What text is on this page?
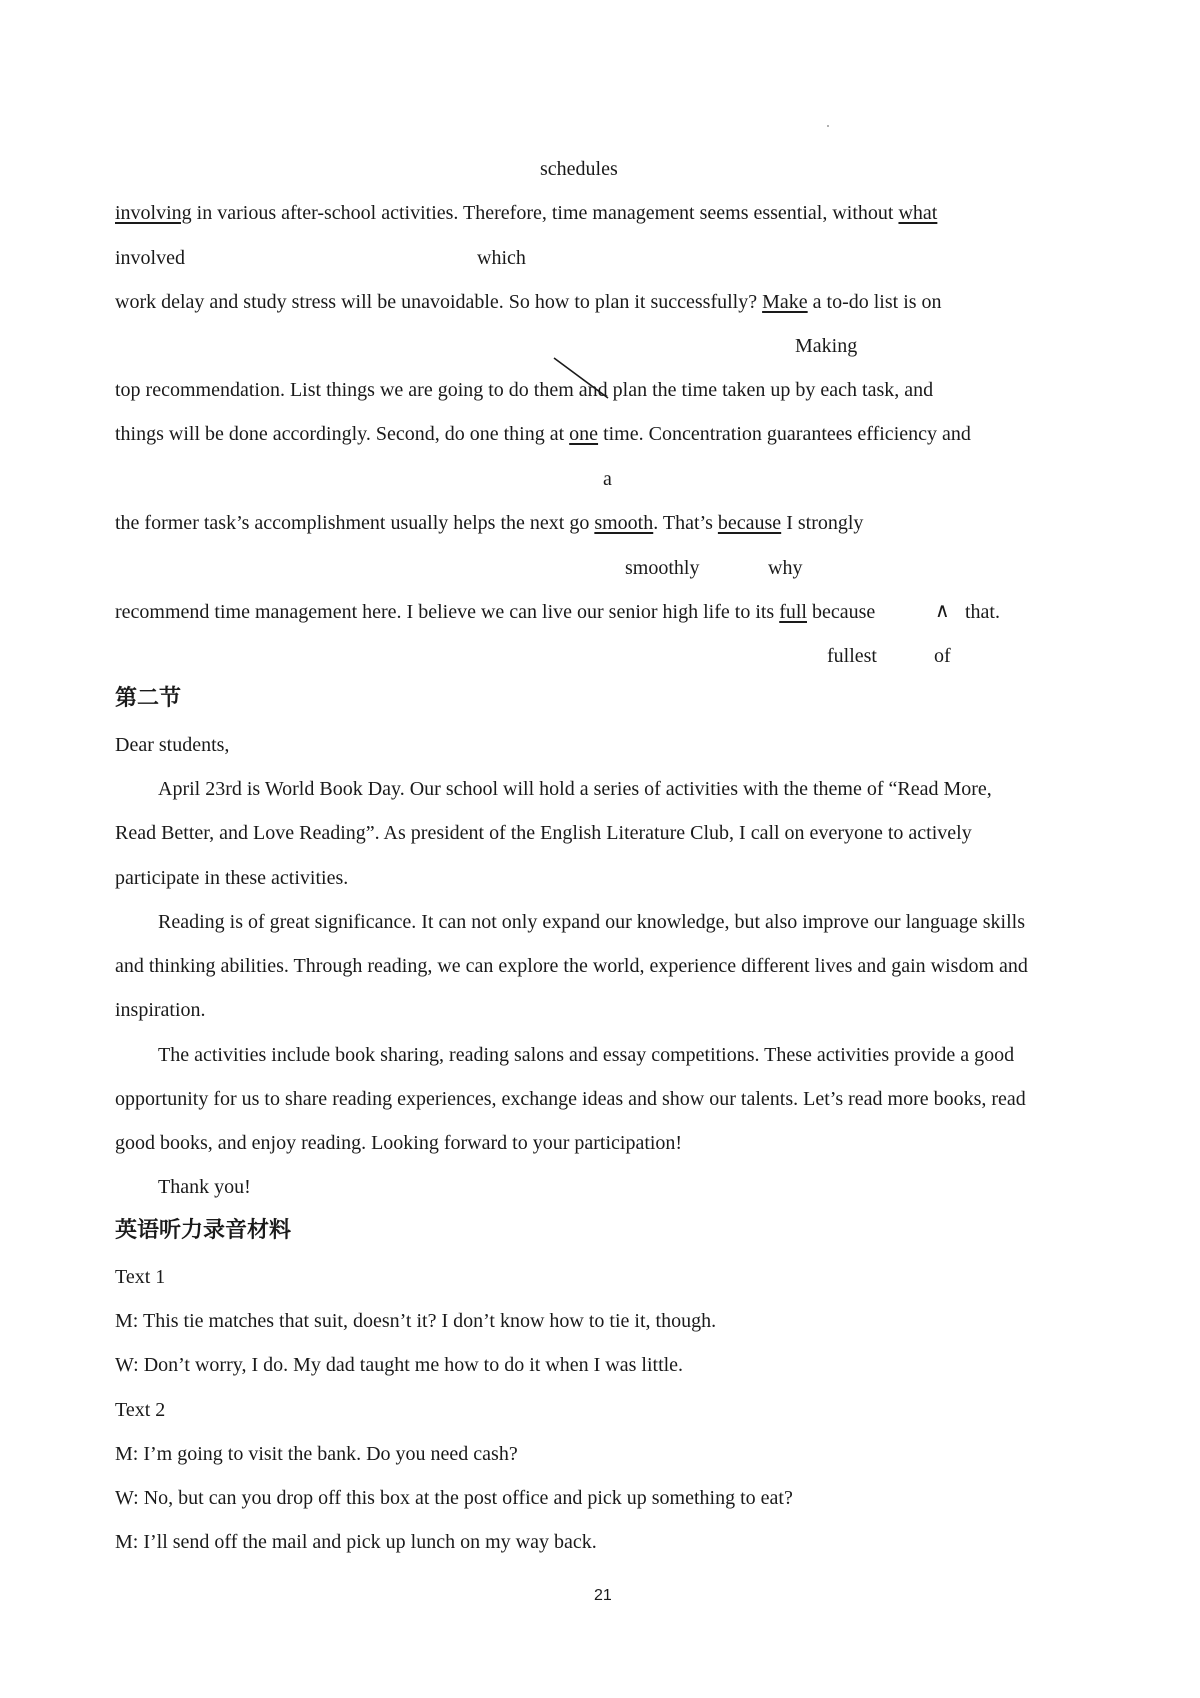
schedules
involving in various after-school activities. Therefore, time management seems essential, without what
involved	which
work delay and study stress will be unavoidable. So how to plan it successfully? Make a to-do list is on
Making
top recommendation. List things we are going to do them and plan the time taken up by each task, and
things will be done accordingly. Second, do one thing at one time. Concentration guarantees efficiency and
a
the former task’s accomplishment usually helps the next go smooth. That’s because I strongly
smoothly	why
recommend time management here. I believe we can live our senior high life to its full because	∧ that.
fullest	of
第二节
Dear students,
April 23rd is World Book Day. Our school will hold a series of activities with the theme of “Read More,
Read Better, and Love Reading”. As president of the English Literature Club, I call on everyone to actively
participate in these activities.
Reading is of great significance. It can not only expand our knowledge, but also improve our language skills
and thinking abilities. Through reading, we can explore the world, experience different lives and gain wisdom and
inspiration.
The activities include book sharing, reading salons and essay competitions. These activities provide a good
opportunity for us to share reading experiences, exchange ideas and show our talents. Let’s read more books, read
good books, and enjoy reading. Looking forward to your participation!
Thank you!
英语听力录音材料
Text 1
M: This tie matches that suit, doesn’t it? I don’t know how to tie it, though.
W: Don’t worry, I do. My dad taught me how to do it when I was little.
Text 2
M: I’m going to visit the bank. Do you need cash?
W: No, but can you drop off this box at the post office and pick up something to eat?
M: I’ll send off the mail and pick up lunch on my way back.
21
